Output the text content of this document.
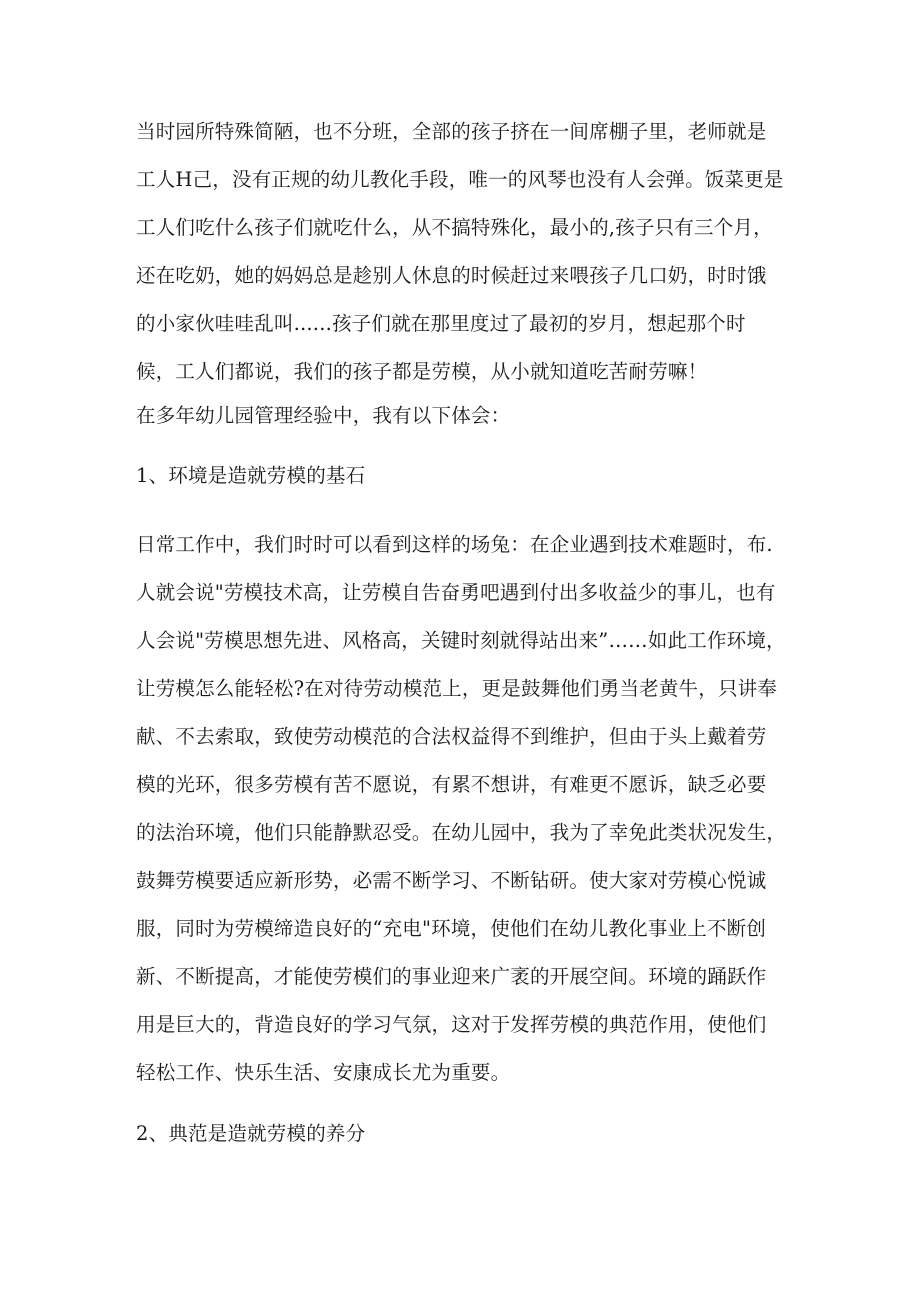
当时园所特殊简陋，也不分班，全部的孩子挤在一间席棚子里，老师就是
工人H己，没有正规的幼儿教化手段，唯一的风琴也没有人会弹。饭菜更是
工人们吃什么孩子们就吃什么，从不搞特殊化，最小的,孩子只有三个月，
还在吃奶，她的妈妈总是趁别人休息的时候赶过来喂孩子几口奶，时时饿
的小家伙哇哇乱叫......孩子们就在那里度过了最初的岁月，想起那个时
候，工人们都说，我们的孩子都是劳模，从小就知道吃苦耐劳嘛！
在多年幼儿园管理经验中，我有以下体会：
1、环境是造就劳模的基石
日常工作中，我们时时可以看到这样的场兔：在企业遇到技术难题时，布.
人就会说"劳模技术高，让劳模自告奋勇吧遇到付出多收益少的事儿，也有
人会说"劳模思想先进、风格高，关键时刻就得站出来”……如此工作环境，
让劳模怎么能轻松?在对待劳动模范上，更是鼓舞他们勇当老黄牛，只讲奉
献、不去索取，致使劳动模范的合法权益得不到维护，但由于头上戴着劳
模的光环，很多劳模有苦不愿说，有累不想讲，有难更不愿诉，缺乏必要
的法治环境，他们只能静默忍受。在幼儿园中，我为了幸免此类状况发生，
鼓舞劳模要适应新形势，必需不断学习、不断钻研。使大家对劳模心悦诚
服，同时为劳模缔造良好的“充电"环境，使他们在幼儿教化事业上不断创
新、不断提高，才能使劳模们的事业迎来广袤的开展空间。环境的踊跃作
用是巨大的，背造良好的学习气氛，这对于发挥劳模的典范作用，使他们
轻松工作、快乐生活、安康成长尤为重要。
2、典范是造就劳模的养分
